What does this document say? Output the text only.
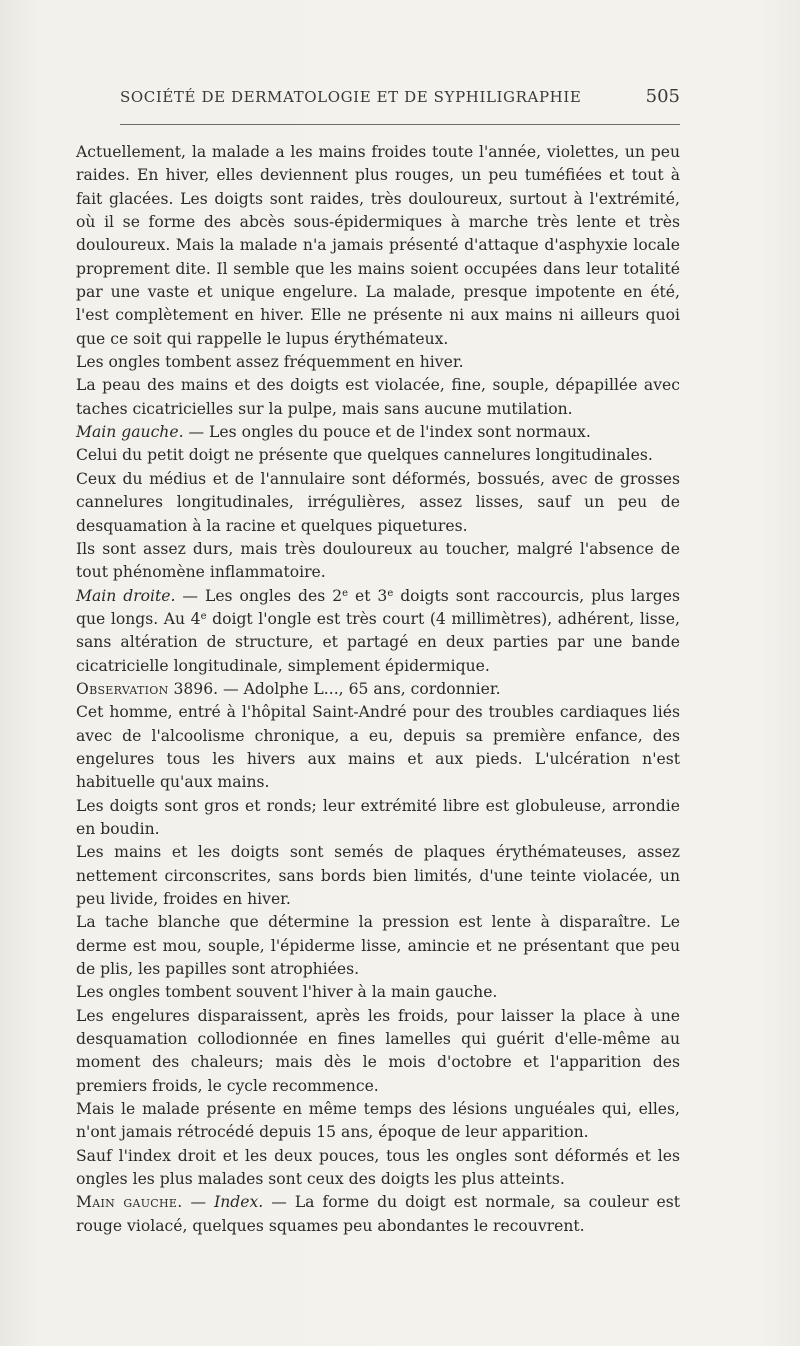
SOCIÉTÉ DE DERMATOLOGIE ET DE SYPHILIGRAPHIE	505

Actuellement, la malade a les mains froides toute l'année, violettes, un peu raides. En hiver, elles deviennent plus rouges, un peu tuméfiées et tout à fait glacées. Les doigts sont raides, très douloureux, surtout à l'extrémité, où il se forme des abcès sous-épidermiques à marche très lente et très douloureux. Mais la malade n'a jamais présenté d'attaque d'asphyxie locale proprement dite. Il semble que les mains soient occupées dans leur totalité par une vaste et unique engelure. La malade, presque impotente en été, l'est complètement en hiver. Elle ne présente ni aux mains ni ailleurs quoi que ce soit qui rappelle le lupus érythémateux.

Les ongles tombent assez fréquemment en hiver.

La peau des mains et des doigts est violacée, fine, souple, dépapillée avec taches cicatricielles sur la pulpe, mais sans aucune mutilation.

Main gauche. — Les ongles du pouce et de l'index sont normaux.

Celui du petit doigt ne présente que quelques cannelures longitudinales.

Ceux du médius et de l'annulaire sont déformés, bossués, avec de grosses cannelures longitudinales, irrégulières, assez lisses, sauf un peu de desquamation à la racine et quelques piquetures.

Ils sont assez durs, mais très douloureux au toucher, malgré l'absence de tout phénomène inflammatoire.

Main droite. — Les ongles des 2e et 3e doigts sont raccourcis, plus larges que longs. Au 4e doigt l'ongle est très court (4 millimètres), adhérent, lisse, sans altération de structure, et partagé en deux parties par une bande cicatricielle longitudinale, simplement épidermique.

Observation 3896. — Adolphe L..., 65 ans, cordonnier.

Cet homme, entré à l'hôpital Saint-André pour des troubles cardiaques liés avec de l'alcoolisme chronique, a eu, depuis sa première enfance, des engelures tous les hivers aux mains et aux pieds. L'ulcération n'est habituelle qu'aux mains.

Les doigts sont gros et ronds; leur extrémité libre est globuleuse, arrondie en boudin.

Les mains et les doigts sont semés de plaques érythémateuses, assez nettement circonscrites, sans bords bien limités, d'une teinte violacée, un peu livide, froides en hiver.

La tache blanche que détermine la pression est lente à disparaître. Le derme est mou, souple, l'épiderme lisse, amincie et ne présentant que peu de plis, les papilles sont atrophiées.

Les ongles tombent souvent l'hiver à la main gauche.

Les engelures disparaissent, après les froids, pour laisser la place à une desquamation collodionnée en fines lamelles qui guérit d'elle-même au moment des chaleurs; mais dès le mois d'octobre et l'apparition des premiers froids, le cycle recommence.

Mais le malade présente en même temps des lésions unguéales qui, elles, n'ont jamais rétrocédé depuis 15 ans, époque de leur apparition.

Sauf l'index droit et les deux pouces, tous les ongles sont déformés et les ongles les plus malades sont ceux des doigts les plus atteints.

Main gauche. — Index. — La forme du doigt est normale, sa couleur est rouge violacé, quelques squames peu abondantes le recouvrent.
